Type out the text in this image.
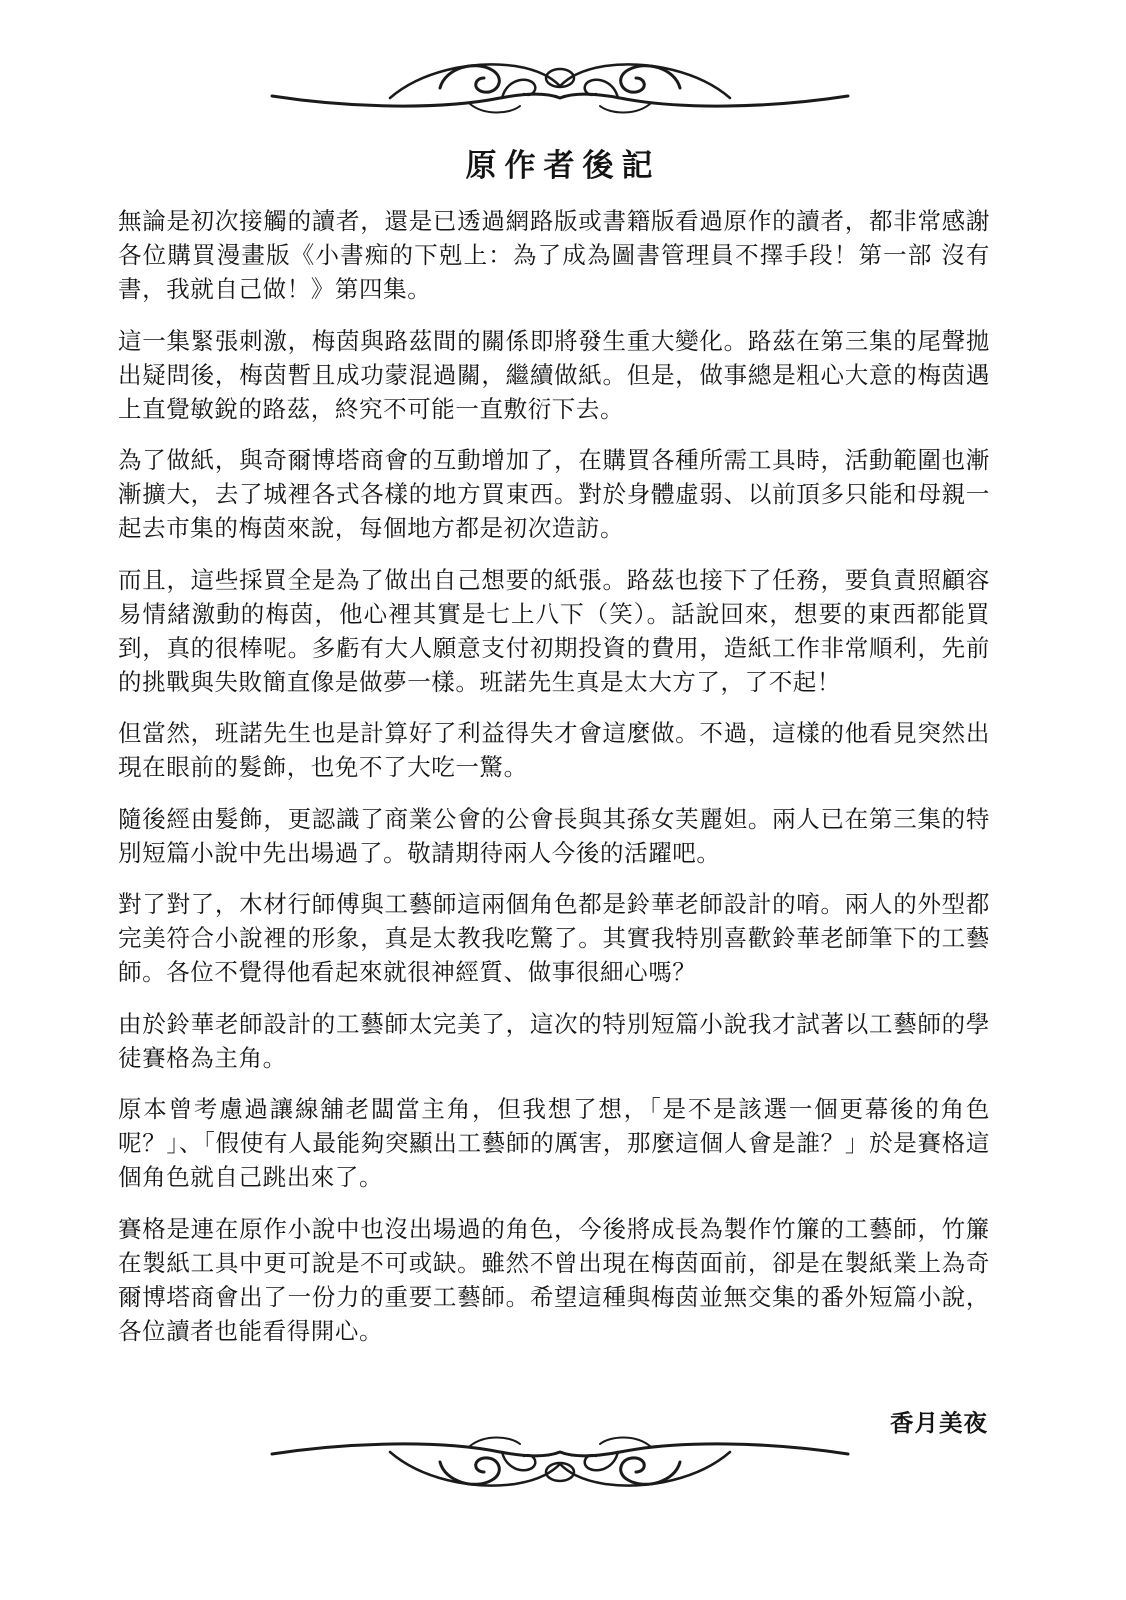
原作者後記

無論是初次接觸的讀者，還是已透過網路版或書籍版看過原作的讀者，都非常感謝各位購買漫畫版《小書痴的下剋上：為了成為圖書管理員不擇手段！第一部 沒有書，我就自己做！》第四集。

這一集緊張刺激，梅茵與路茲間的關係即將發生重大變化。路茲在第三集的尾聲拋出疑問後，梅茵暫且成功蒙混過關，繼續做紙。但是，做事總是粗心大意的梅茵遇上直覺敏銳的路茲，終究不可能一直敷衍下去。

為了做紙，與奇爾博塔商會的互動增加了，在購買各種所需工具時，活動範圍也漸漸擴大，去了城裡各式各樣的地方買東西。對於身體虛弱、以前頂多只能和母親一起去市集的梅茵來說，每個地方都是初次造訪。

而且，這些採買全是為了做出自己想要的紙張。路茲也接下了任務，要負責照顧容易情緒激動的梅茵，他心裡其實是七上八下（笑）。話說回來，想要的東西都能買到，真的很棒呢。多虧有大人願意支付初期投資的費用，造紙工作非常順利，先前的挑戰與失敗簡直像是做夢一樣。班諾先生真是太大方了，了不起！

但當然，班諾先生也是計算好了利益得失才會這麼做。不過，這樣的他看見突然出現在眼前的髮飾，也免不了大吃一驚。

隨後經由髮飾，更認識了商業公會的公會長與其孫女芙麗妲。兩人已在第三集的特別短篇小說中先出場過了。敬請期待兩人今後的活躍吧。

對了對了，木材行師傅與工藝師這兩個角色都是鈴華老師設計的唷。兩人的外型都完美符合小說裡的形象，真是太教我吃驚了。其實我特別喜歡鈴華老師筆下的工藝師。各位不覺得他看起來就很神經質、做事很細心嗎？

由於鈴華老師設計的工藝師太完美了，這次的特別短篇小說我才試著以工藝師的學徒賽格為主角。

原本曾考慮過讓線舖老闆當主角，但我想了想，「是不是該選一個更幕後的角色呢？」、「假使有人最能夠突顯出工藝師的厲害，那麼這個人會是誰？」於是賽格這個角色就自己跳出來了。

賽格是連在原作小說中也沒出場過的角色，今後將成長為製作竹簾的工藝師，竹簾在製紙工具中更可說是不可或缺。雖然不曾出現在梅茵面前，卻是在製紙業上為奇爾博塔商會出了一份力的重要工藝師。希望這種與梅茵並無交集的番外短篇小說，各位讀者也能看得開心。

香月美夜
